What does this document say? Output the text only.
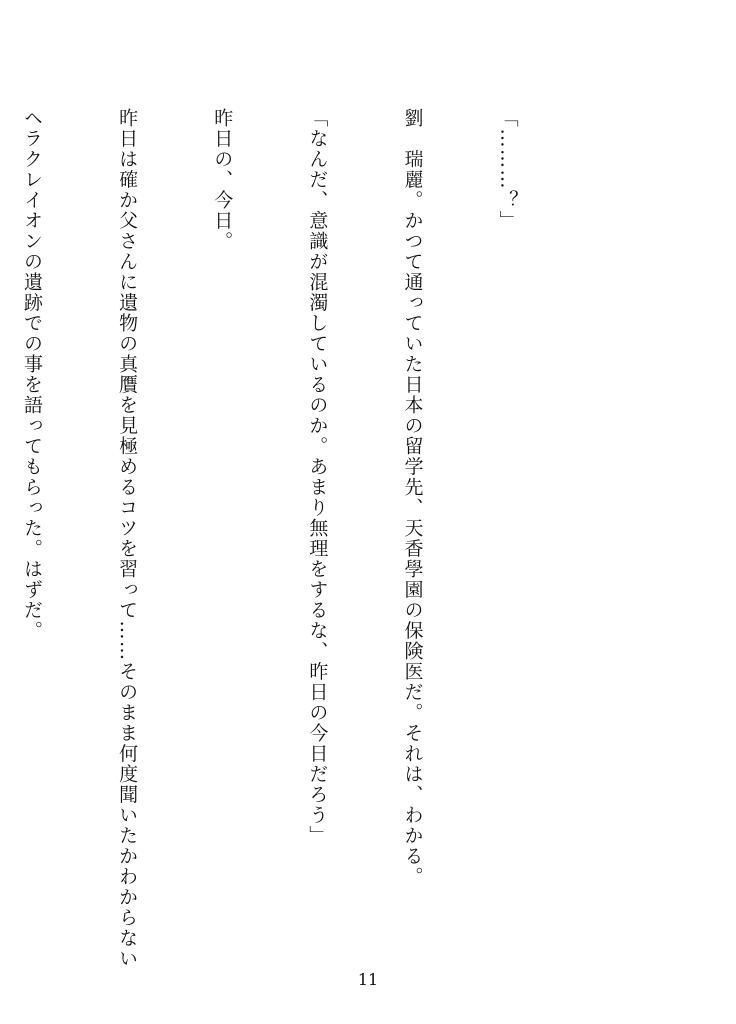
「………？」

劉　瑞麗。かつて通っていた日本の留学先、天香學園の保険医だ。それは、わかる。

「なんだ、意識が混濁しているのか。あまり無理をするな、昨日の今日だろう」

昨日の、今日。

昨日は確か父さんに遺物の真贋を見極めるコツを習って……そのまま何度聞いたかわからない

ヘラクレイオンの遺跡での事を語ってもらった。はずだ。

11
